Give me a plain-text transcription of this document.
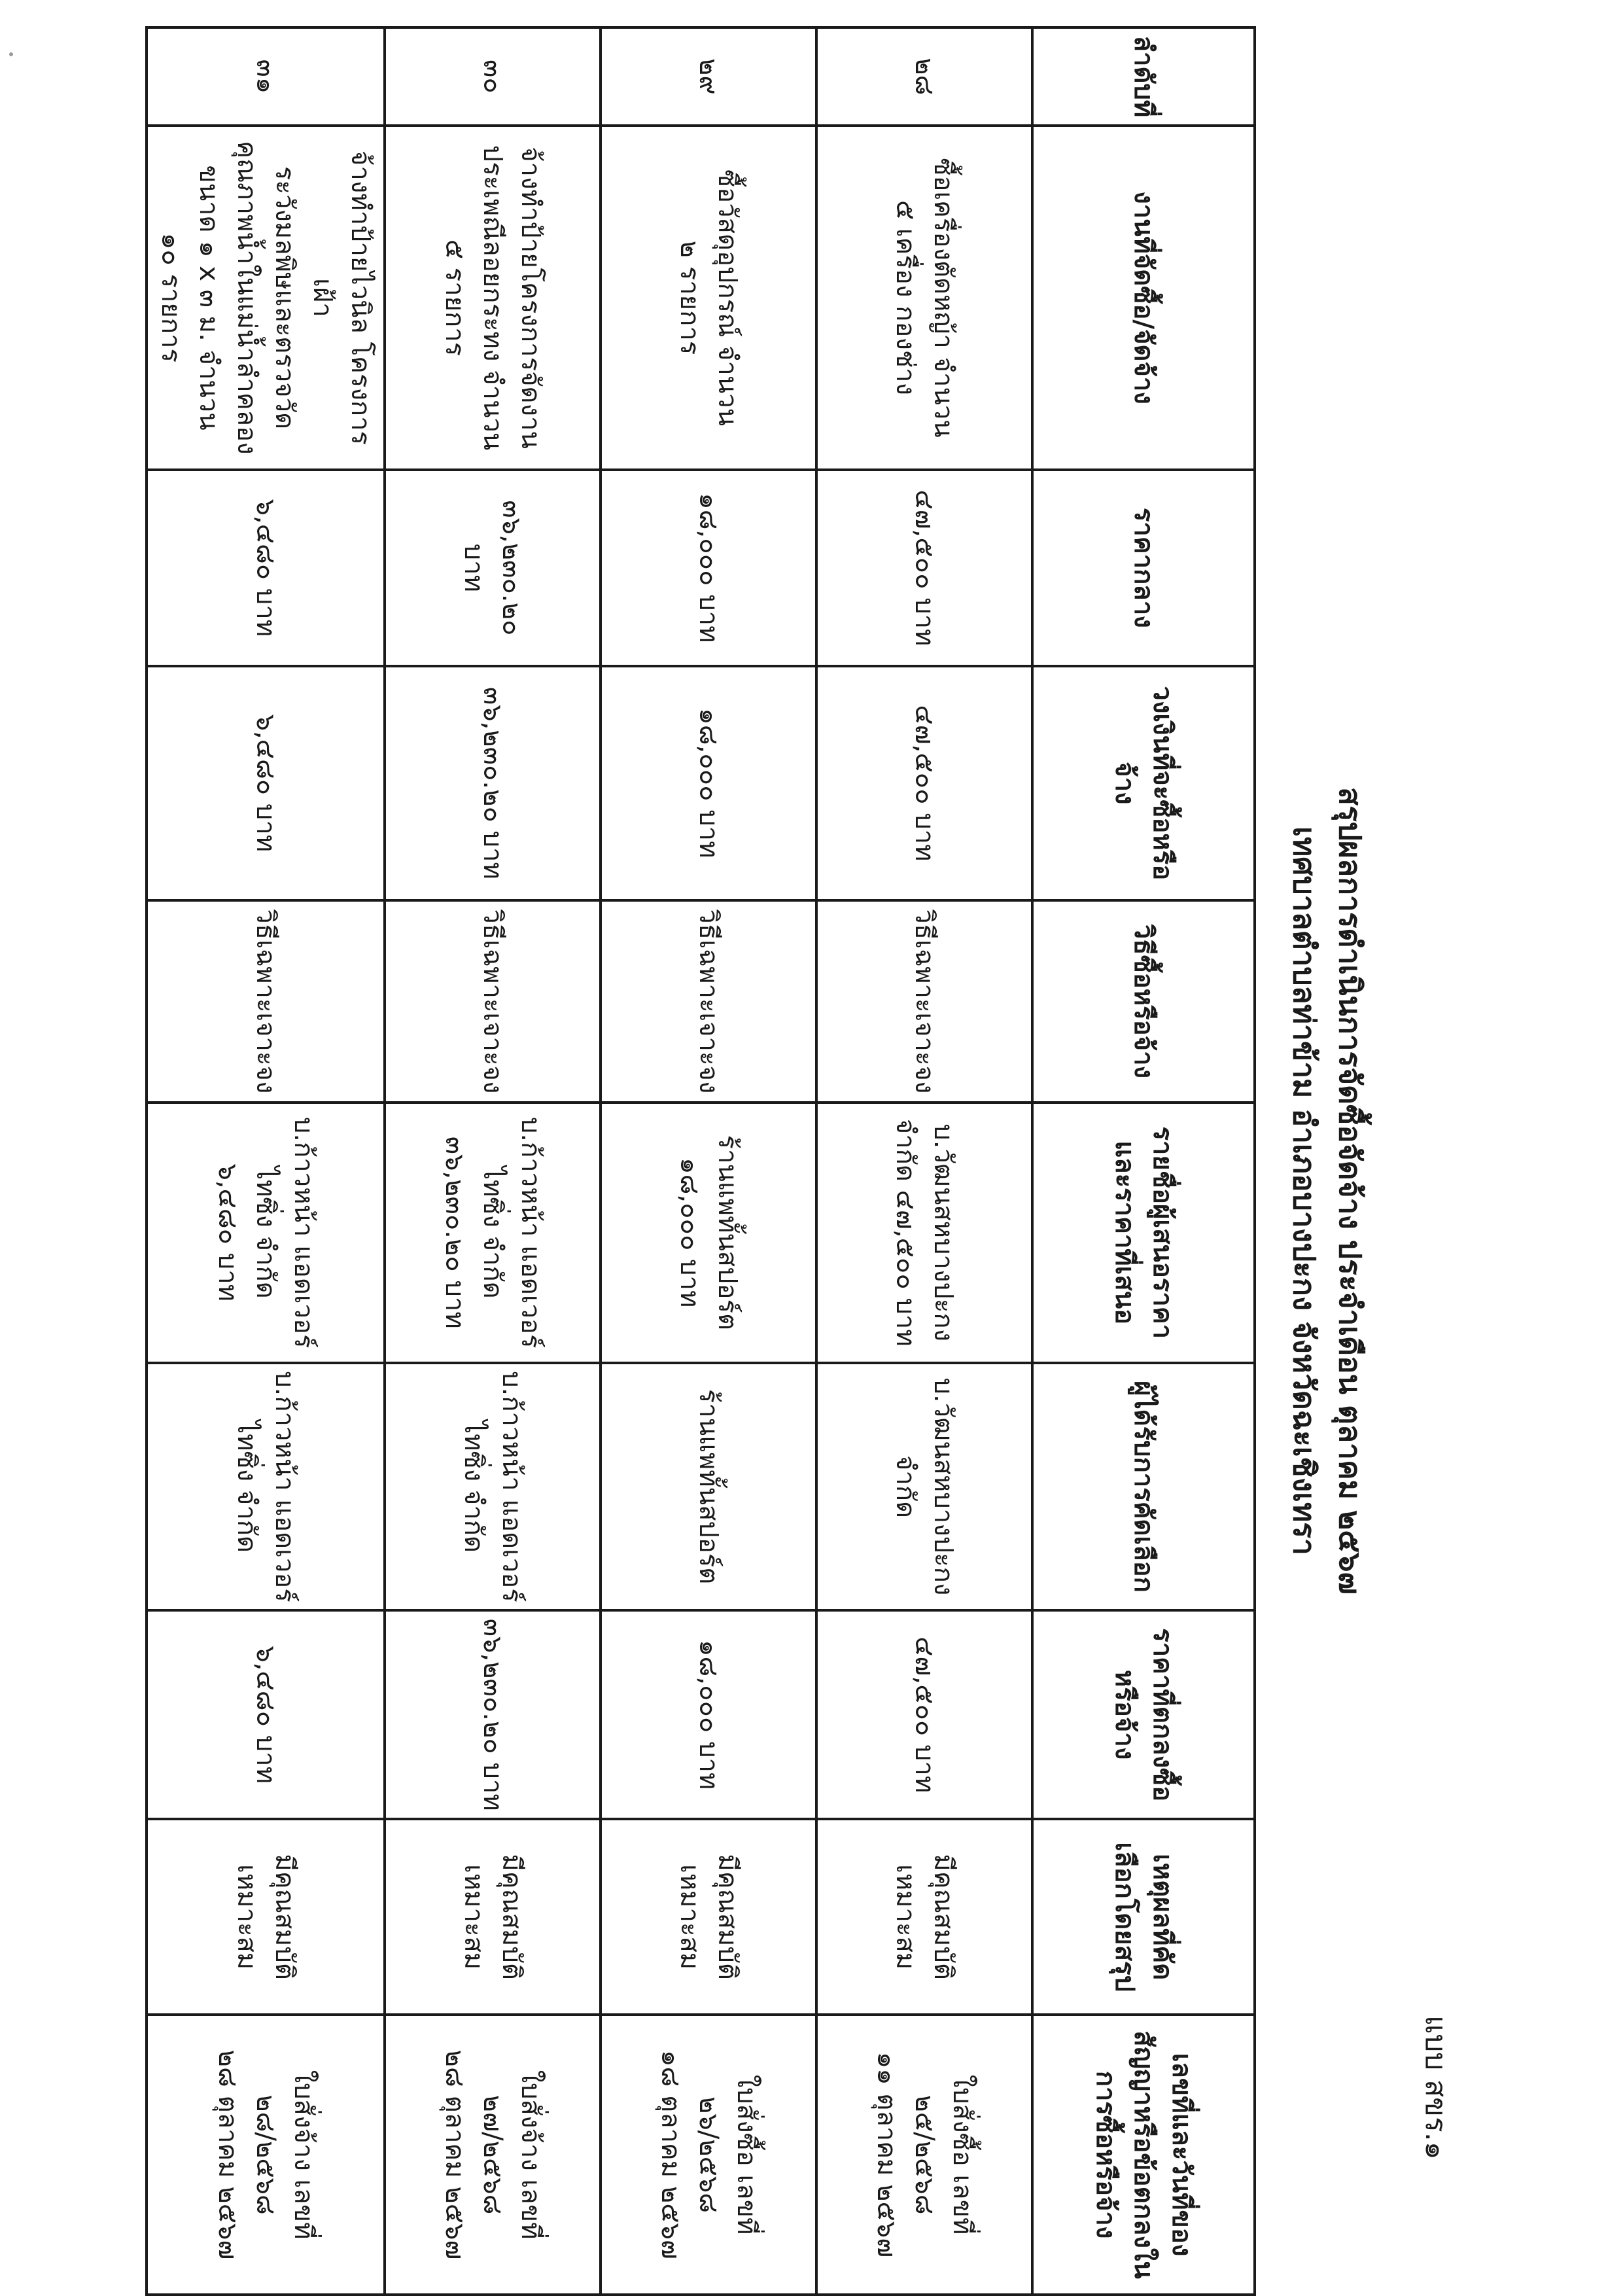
แบบ สขร.๑
สรุปผลการดำเนินการจัดซื้อจัดจ้าง ประจำเดือน ตุลาคม ๒๕๖๗
เทศบาลตำบลท่าข้าม อำเภอบางปะกง จังหวัดฉะเชิงเทรา
ลำดับที่	งานที่จัดซื้อ/จัดจ้าง	ราคากลาง	วงเงินที่จะซื้อหรือจ้าง	วิธีซื้อหรือจ้าง	รายชื่อผู้เสนอราคาและราคาที่เสนอ	ผู้ได้รับการคัดเลือก	ราคาที่ตกลงซื้อหรือจ้าง	เหตุผลที่คัดเลือกโดยสรุป	เลขที่และวันที่ของสัญญาหรือข้อตกลงในการซื้อหรือจ้าง
๒๘	ซื้อเครื่องตัดหญ้า จำนวน
๕ เครื่อง กองช่าง	๔๗,๕๐๐ บาท	๔๗,๕๐๐ บาท	วิธีเฉพาะเจาะจง	บ.วัฒนสหบางปะกง
จำกัด ๔๗,๕๐๐ บาท	บ.วัฒนสหบางปะกง
จำกัด	๔๗,๕๐๐ บาท	มีคุณสมบัติ
เหมาะสม	ใบสั่งซื้อ เลขที่
๒๕/๒๕๖๘
๑๑ ตุลาคม ๒๕๖๗
๒๙	ซื้อวัสดุอุปกรณ์ จำนวน
๒ รายการ	๑๘,๐๐๐ บาท	๑๘,๐๐๐ บาท	วิธีเฉพาะเจาะจง	ร้านแพทั้นสปอร์ต
๑๘,๐๐๐ บาท	ร้านแพทั้นสปอร์ต	๑๘,๐๐๐ บาท	มีคุณสมบัติ
เหมาะสม	ใบสั่งซื้อ เลขที่
๒๖/๒๕๖๘
๑๘ ตุลาคม ๒๕๖๗
๓๐	จ้างทำป้ายโครงการจัดงาน
ประเพณีลอยกระทง จำนวน
๕ รายการ	๓๖,๒๓๐.๒๐ บาท	๓๖,๒๓๐.๒๐ บาท	วิธีเฉพาะเจาะจง	บ.ก้าวหน้า แอดเวอร์
ไทซิ่ง จำกัด
๓๖,๒๓๐.๒๐ บาท	บ.ก้าวหน้า แอดเวอร์
ไทซิ่ง จำกัด	๓๖,๒๓๐.๒๐ บาท	มีคุณสมบัติ
เหมาะสม	ใบสั่งจ้าง เลขที่
๒๗/๒๕๖๘
๒๘ ตุลาคม ๒๕๖๗
๓๑	จ้างทำป้ายไวนิล โครงการเฝ้า
ระวังมลพิษและตรวจวัด
คุณภาพน้ำในแม่น้ำลำคลอง
ขนาด ๑ x ๓ ม. จำนวน
๑๐ รายการ	๖,๔๘๐ บาท	๖,๔๘๐ บาท	วิธีเฉพาะเจาะจง	บ.ก้าวหน้า แอดเวอร์
ไทซิ่ง จำกัด
๖,๔๘๐ บาท	บ.ก้าวหน้า แอดเวอร์
ไทซิ่ง จำกัด	๖,๔๘๐ บาท	มีคุณสมบัติ
เหมาะสม	ใบสั่งจ้าง เลขที่
๒๘/๒๕๖๘
๒๘ ตุลาคม ๒๕๖๗
